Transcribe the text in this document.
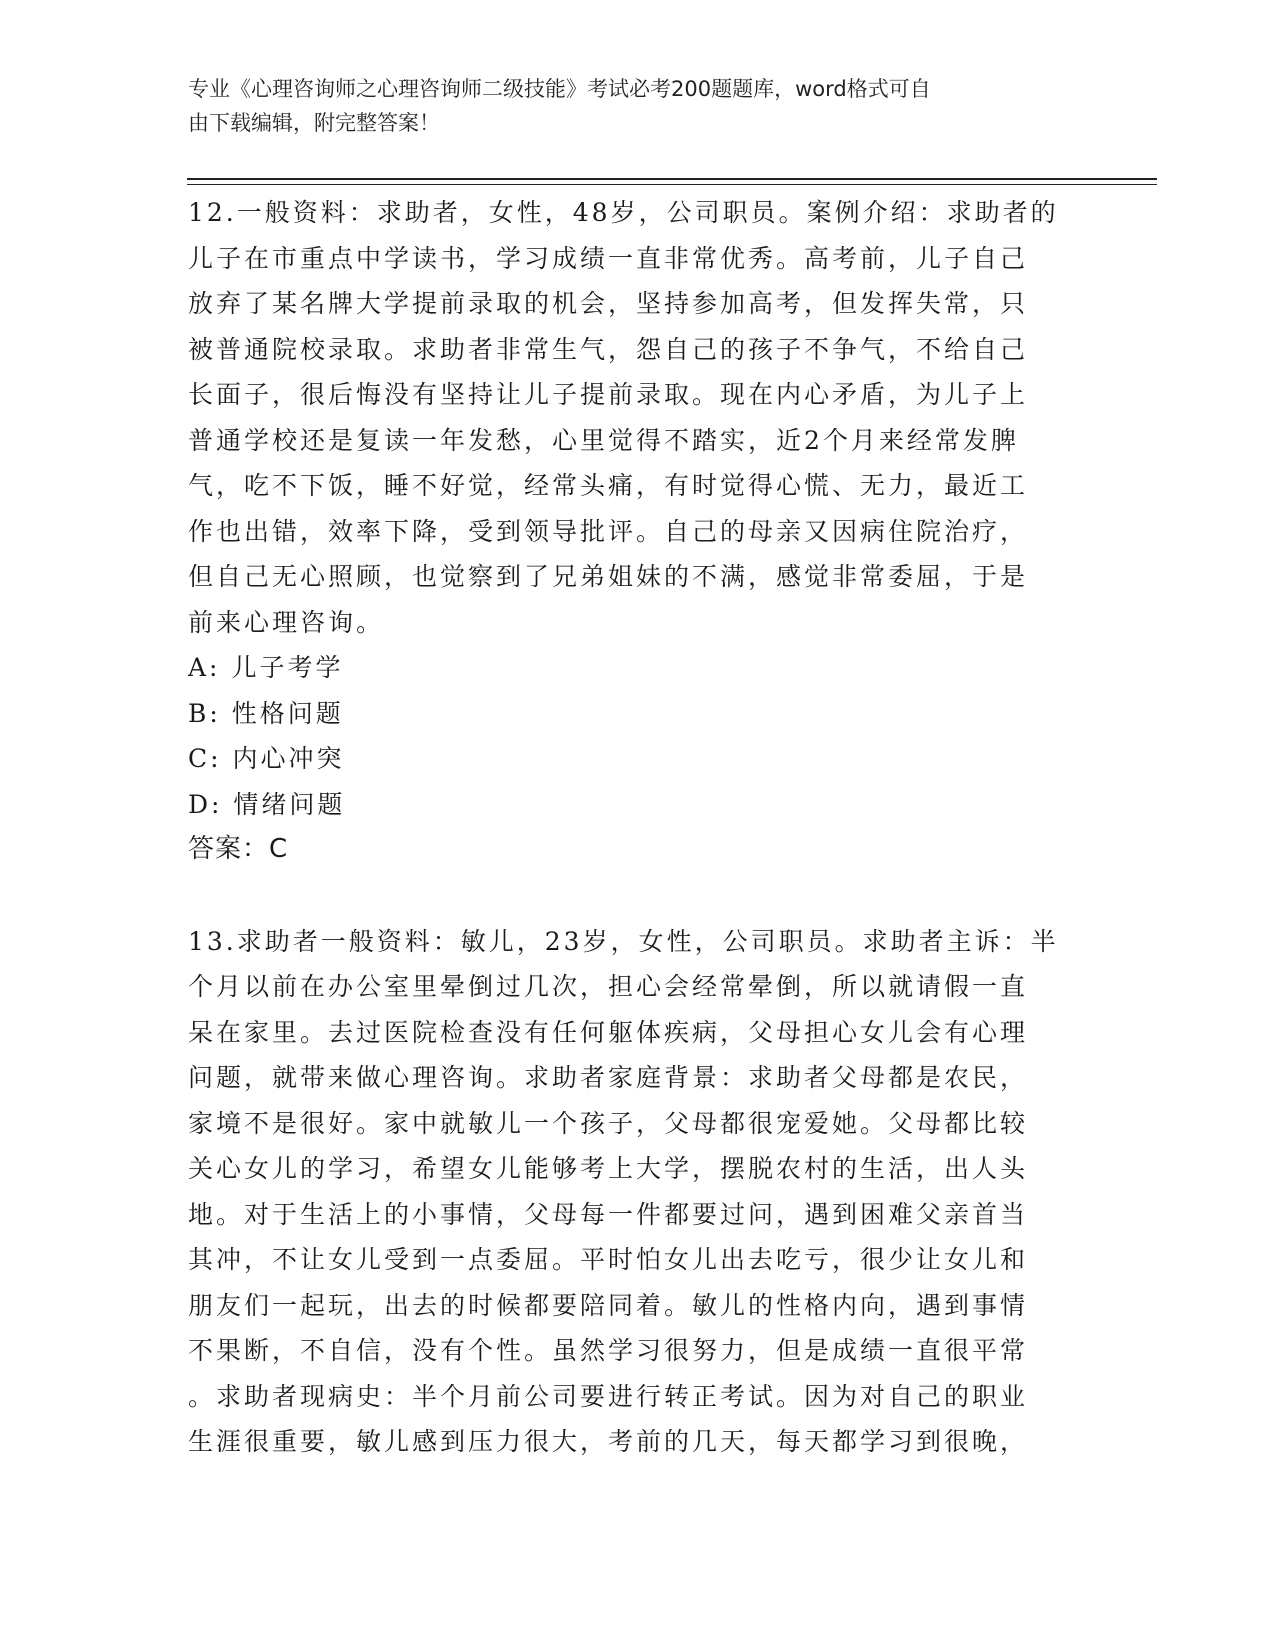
专业《心理咨询师之心理咨询师二级技能》考试必考200题题库，word格式可自
由下载编辑，附完整答案！

12.一般资料：求助者，女性，48岁，公司职员。案例介绍：求助者的

儿子在市重点中学读书，学习成绩一直非常优秀。高考前，儿子自己

放弃了某名牌大学提前录取的机会，坚持参加高考，但发挥失常，只

被普通院校录取。求助者非常生气，怨自己的孩子不争气，不给自己

长面子，很后悔没有坚持让儿子提前录取。现在内心矛盾，为儿子上

普通学校还是复读一年发愁，心里觉得不踏实，近2个月来经常发脾

气，吃不下饭，睡不好觉，经常头痛，有时觉得心慌、无力，最近工

作也出错，效率下降，受到领导批评。自己的母亲又因病住院治疗，

但自己无心照顾，也觉察到了兄弟姐妹的不满，感觉非常委屈，于是

前来心理咨询。

A: 儿子考学

B: 性格问题

C: 内心冲突

D: 情绪问题

答案：C

13.求助者一般资料：敏儿，23岁，女性，公司职员。求助者主诉：半

个月以前在办公室里晕倒过几次，担心会经常晕倒，所以就请假一直

呆在家里。去过医院检查没有任何躯体疾病，父母担心女儿会有心理

问题，就带来做心理咨询。求助者家庭背景：求助者父母都是农民，

家境不是很好。家中就敏儿一个孩子，父母都很宠爱她。父母都比较

关心女儿的学习，希望女儿能够考上大学，摆脱农村的生活，出人头

地。对于生活上的小事情，父母每一件都要过问，遇到困难父亲首当

其冲，不让女儿受到一点委屈。平时怕女儿出去吃亏，很少让女儿和

朋友们一起玩，出去的时候都要陪同着。敏儿的性格内向，遇到事情

不果断，不自信，没有个性。虽然学习很努力，但是成绩一直很平常

。求助者现病史：半个月前公司要进行转正考试。因为对自己的职业

生涯很重要，敏儿感到压力很大，考前的几天，每天都学习到很晚，
